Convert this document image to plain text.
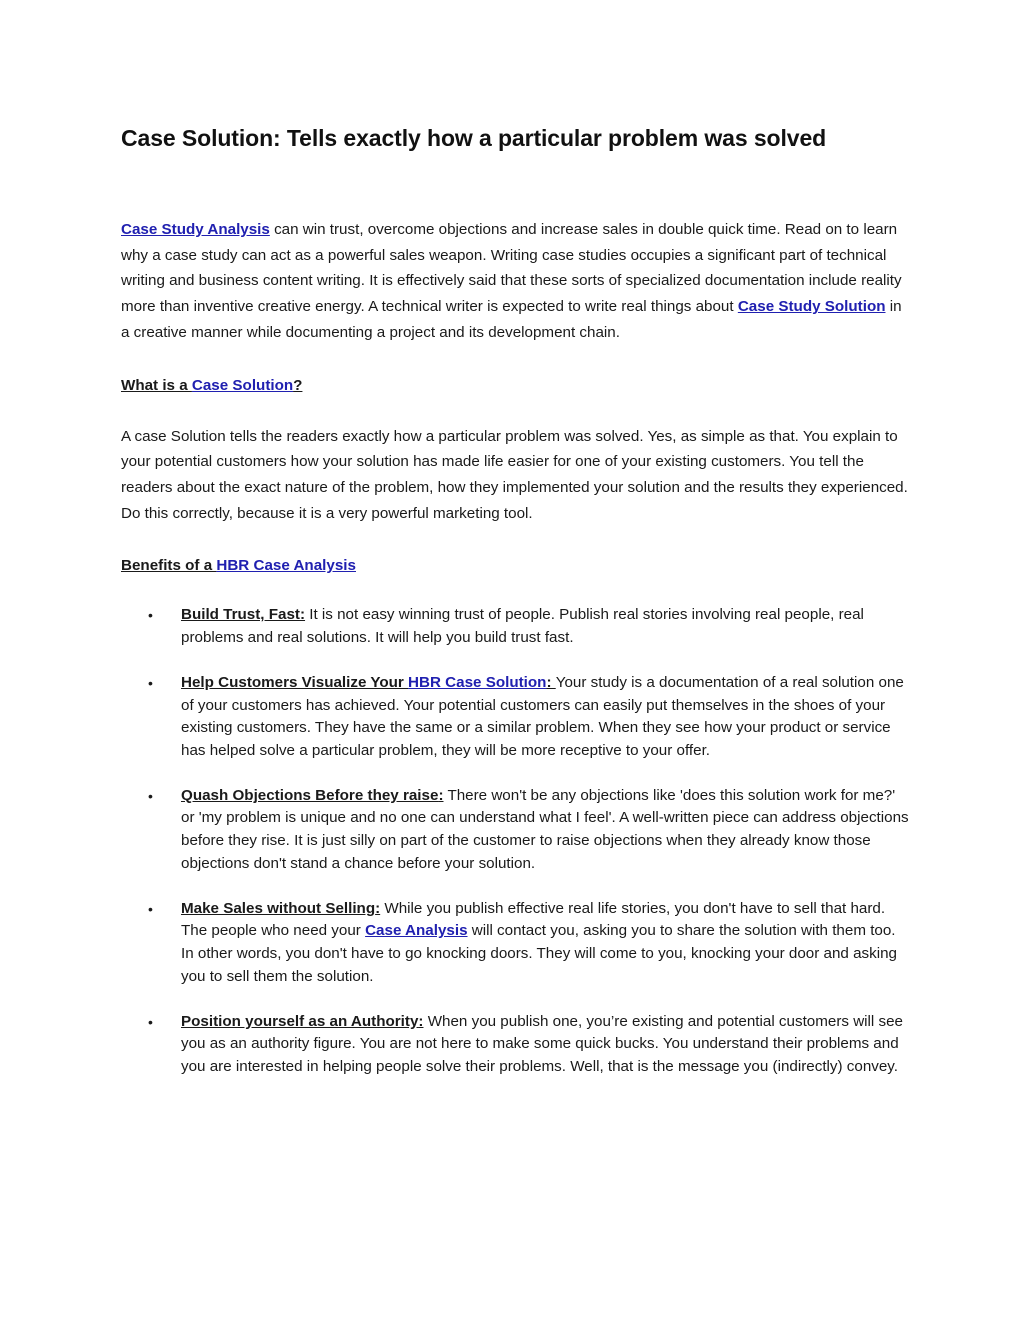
Case Solution: Tells exactly how a particular problem was solved

Case Study Analysis can win trust, overcome objections and increase sales in double quick time. Read on to learn why a case study can act as a powerful sales weapon. Writing case studies occupies a significant part of technical writing and business content writing. It is effectively said that these sorts of specialized documentation include reality more than inventive creative energy. A technical writer is expected to write real things about Case Study Solution in a creative manner while documenting a project and its development chain.

What is a Case Solution?

A case Solution tells the readers exactly how a particular problem was solved. Yes, as simple as that. You explain to your potential customers how your solution has made life easier for one of your existing customers. You tell the readers about the exact nature of the problem, how they implemented your solution and the results they experienced. Do this correctly, because it is a very powerful marketing tool.

Benefits of a HBR Case Analysis

• Build Trust, Fast: It is not easy winning trust of people. Publish real stories involving real people, real problems and real solutions. It will help you build trust fast.
• Help Customers Visualize Your HBR Case Solution: Your study is a documentation of a real solution one of your customers has achieved. Your potential customers can easily put themselves in the shoes of your existing customers. They have the same or a similar problem. When they see how your product or service has helped solve a particular problem, they will be more receptive to your offer.
• Quash Objections Before they raise: There won't be any objections like 'does this solution work for me?' or 'my problem is unique and no one can understand what I feel'. A well-written piece can address objections before they rise. It is just silly on part of the customer to raise objections when they already know those objections don't stand a chance before your solution.
• Make Sales without Selling: While you publish effective real life stories, you don't have to sell that hard. The people who need your Case Analysis will contact you, asking you to share the solution with them too. In other words, you don't have to go knocking doors. They will come to you, knocking your door and asking you to sell them the solution.
• Position yourself as an Authority: When you publish one, you’re existing and potential customers will see you as an authority figure. You are not here to make some quick bucks. You understand their problems and you are interested in helping people solve their problems. Well, that is the message you (indirectly) convey.
